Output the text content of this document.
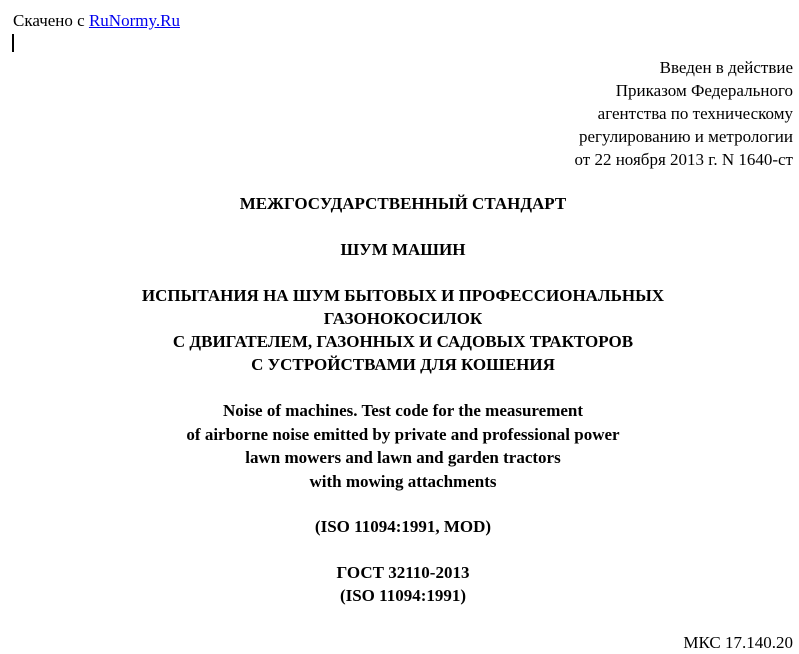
Скачено с RuNormy.Ru
Введен в действие
Приказом Федерального
агентства по техническому
регулированию и метрологии
от 22 ноября 2013 г. N 1640-ст
МЕЖГОСУДАРСТВЕННЫЙ СТАНДАРТ
ШУМ МАШИН
ИСПЫТАНИЯ НА ШУМ БЫТОВЫХ И ПРОФЕССИОНАЛЬНЫХ
ГАЗОНОКОСИЛОК
С ДВИГАТЕЛЕМ, ГАЗОННЫХ И САДОВЫХ ТРАКТОРОВ
С УСТРОЙСТВАМИ ДЛЯ КОШЕНИЯ
Noise of machines. Test code for the measurement
of airborne noise emitted by private and professional power
lawn mowers and lawn and garden tractors
with mowing attachments
(ISO 11094:1991, MOD)
ГОСТ 32110-2013
(ISO 11094:1991)
МКС 17.140.20
